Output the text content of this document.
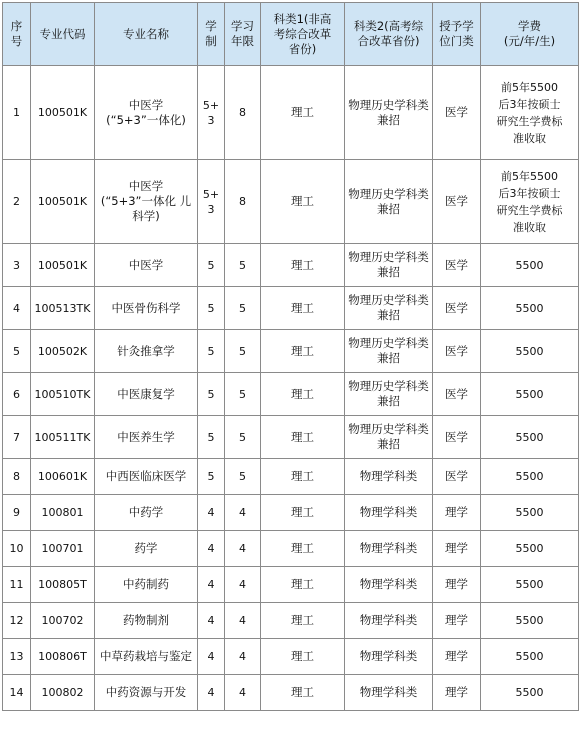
序
号	专业代码	专业名称	学
制	学习
年限	科类1(非高
考综合改革
省份)	科类2(高考综
合改革省份)	授予学
位门类	学费
(元/年/生)

1	100501K	中医学
(“5+3”一体化)	5+3	8	理工	物理历史学科类
兼招	医学	前5年5500
后3年按硕士
研究生学费标
准收取

2	100501K	中医学
(“5+3”一体化 儿
科学)	5+3	8	理工	物理历史学科类
兼招	医学	前5年5500
后3年按硕士
研究生学费标
准收取

3	100501K	中医学	5	5	理工	物理历史学科类
兼招	医学	5500

4	100513TK	中医骨伤科学	5	5	理工	物理历史学科类
兼招	医学	5500

5	100502K	针灸推拿学	5	5	理工	物理历史学科类
兼招	医学	5500

6	100510TK	中医康复学	5	5	理工	物理历史学科类
兼招	医学	5500

7	100511TK	中医养生学	5	5	理工	物理历史学科类
兼招	医学	5500

8	100601K	中西医临床医学	5	5	理工	物理学科类	医学	5500

9	100801	中药学	4	4	理工	物理学科类	理学	5500

10	100701	药学	4	4	理工	物理学科类	理学	5500

11	100805T	中药制药	4	4	理工	物理学科类	理学	5500

12	100702	药物制剂	4	4	理工	物理学科类	理学	5500

13	100806T	中草药栽培与鉴定	4	4	理工	物理学科类	理学	5500

14	100802	中药资源与开发	4	4	理工	物理学科类	理学	5500
